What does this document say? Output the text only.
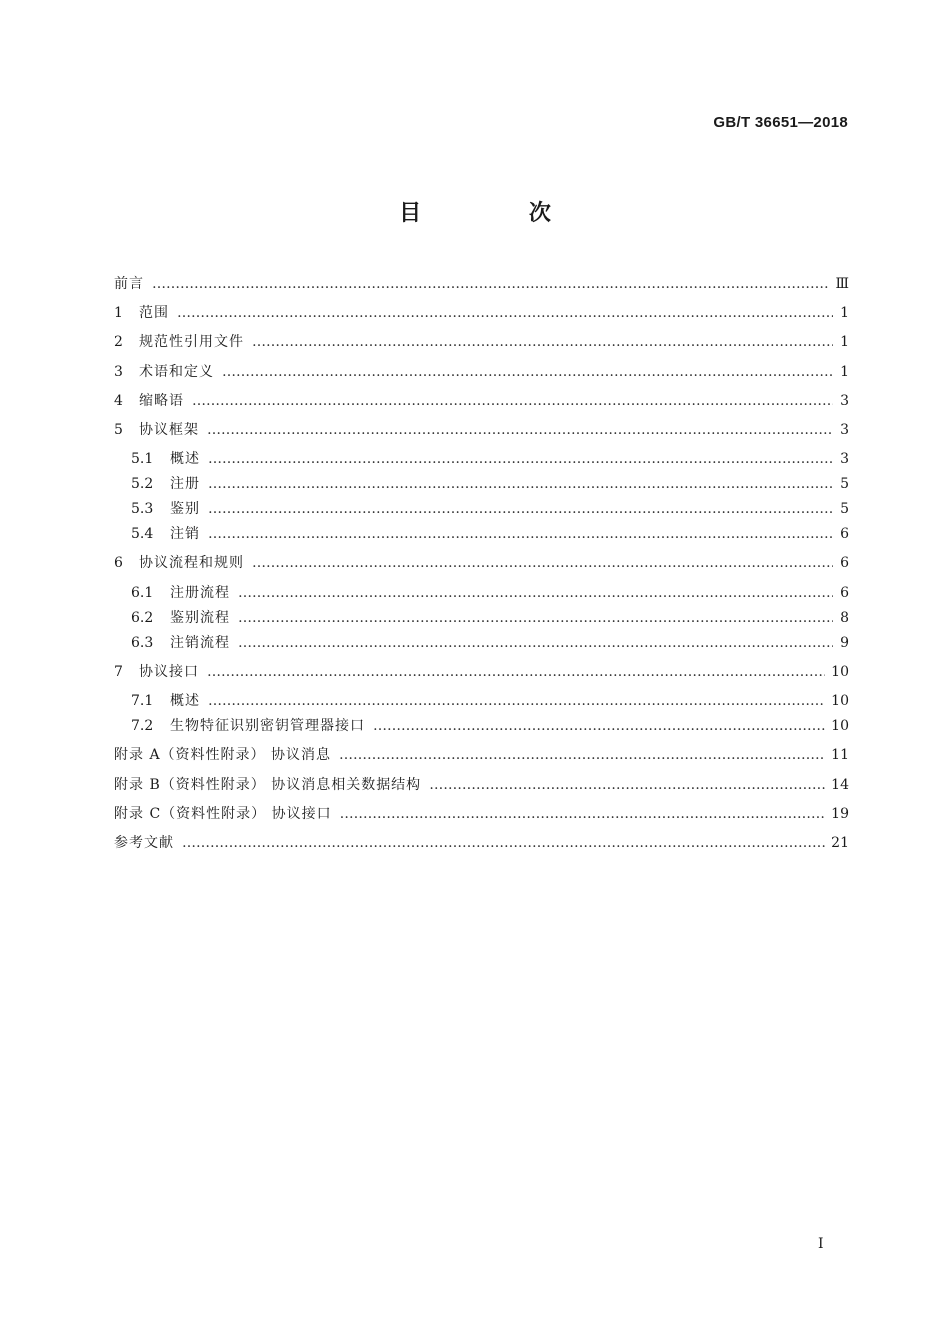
GB/T 36651—2018
目 次
前言 …………………………………………………………………………………………………………………………………………………………………………………………………………………………………………	Ⅲ
1	范围 …………………………………………………………………………………………………………………………………………………………………………………………………………………………………………	1
2	规范性引用文件 …………………………………………………………………………………………………………………………………………………………………………………………………………………………………………	1
3	术语和定义 …………………………………………………………………………………………………………………………………………………………………………………………………………………………………………	1
4	缩略语 …………………………………………………………………………………………………………………………………………………………………………………………………………………………………………	3
5	协议框架 …………………………………………………………………………………………………………………………………………………………………………………………………………………………………………	3
5.1	概述 …………………………………………………………………………………………………………………………………………………………………………………………………………………………………………	3
5.2	注册 …………………………………………………………………………………………………………………………………………………………………………………………………………………………………………	5
5.3	鉴别 …………………………………………………………………………………………………………………………………………………………………………………………………………………………………………	5
5.4	注销 …………………………………………………………………………………………………………………………………………………………………………………………………………………………………………	6
6	协议流程和规则 …………………………………………………………………………………………………………………………………………………………………………………………………………………………………………	6
6.1	注册流程 …………………………………………………………………………………………………………………………………………………………………………………………………………………………………………	6
6.2	鉴别流程 …………………………………………………………………………………………………………………………………………………………………………………………………………………………………………	8
6.3	注销流程 …………………………………………………………………………………………………………………………………………………………………………………………………………………………………………	9
7	协议接口 …………………………………………………………………………………………………………………………………………………………………………………………………………………………………………	10
7.1	概述 …………………………………………………………………………………………………………………………………………………………………………………………………………………………………………	10
7.2	生物特征识别密钥管理器接口 …………………………………………………………………………………………………………………………………………………………………………………………………………………………………………	10
附录 A（资料性附录） 协议消息 …………………………………………………………………………………………………………………………………………………………………………………………………………………………………………	11
附录 B（资料性附录） 协议消息相关数据结构 …………………………………………………………………………………………………………………………………………………………………………………………………………………………………………	14
附录 C（资料性附录） 协议接口 …………………………………………………………………………………………………………………………………………………………………………………………………………………………………………	19
参考文献 …………………………………………………………………………………………………………………………………………………………………………………………………………………………………………	21
Ⅰ
